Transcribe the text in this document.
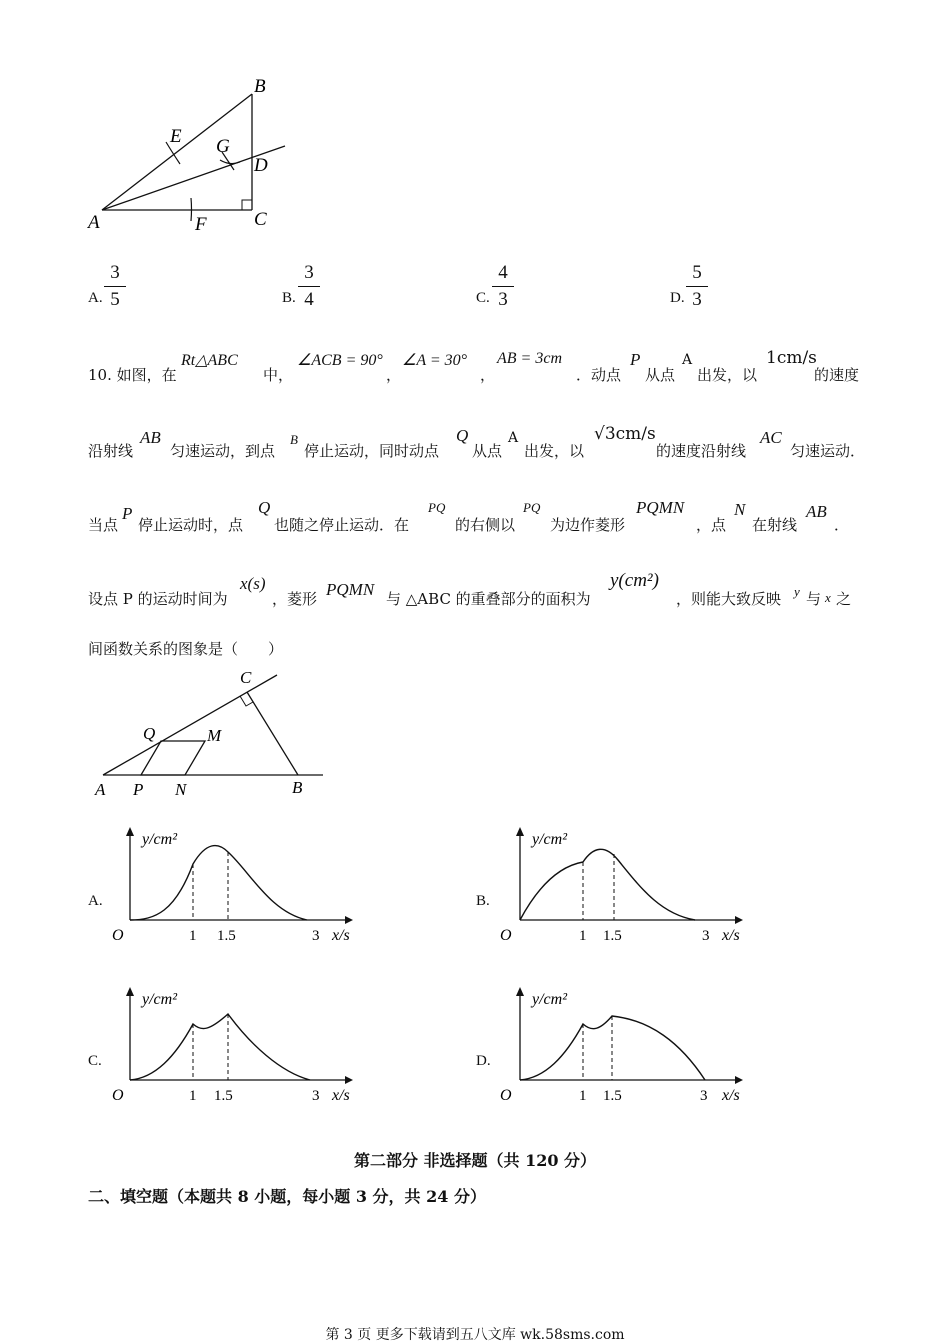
B
E G
D
A	F C
A.
3
5	B.
3
4	C.
4
3	D.
5
3
10. 如图，在
Rt△ABC
中，
∠ACB = 90°
，
∠A = 30°
，
AB = 3cm
．动点
P
从点
A
出发，以
1cm/s
的速度
沿射线
AB
匀速运动，到点
B
停止运动，同时动点
Q
从点
A
出发，以
√3cm/s
的速度沿射线
AC
匀速运动．
当点
P
停止运动时，点
Q
也随之停止运动．在
PQ
的右侧以
PQ
为边作菱形
PQMN
，点
N
在射线
AB
．
设点 P 的运动时间为
x(s)
，菱形 PQMN 与 △ABC 的重叠部分的面积为
y(cm²)
，则能大致反映 y 与 x 之
间函数关系的图象是（　　）
A P N	B
Q	M
C
A.
y/cm²
x/s
O	1 1.5	3
B.
y/cm²
x/s
O	1 1.5	3
C.
y/cm²
x/s
O	1 1.5	3
D.
y/cm²
x/s
O	1 1.5	3
第二部分 非选择题（共 120 分）
二、填空题（本题共 8 小题，每小题 3 分，共 24 分）
第 3 页 更多下载请到五八文库 wk.58sms.com
